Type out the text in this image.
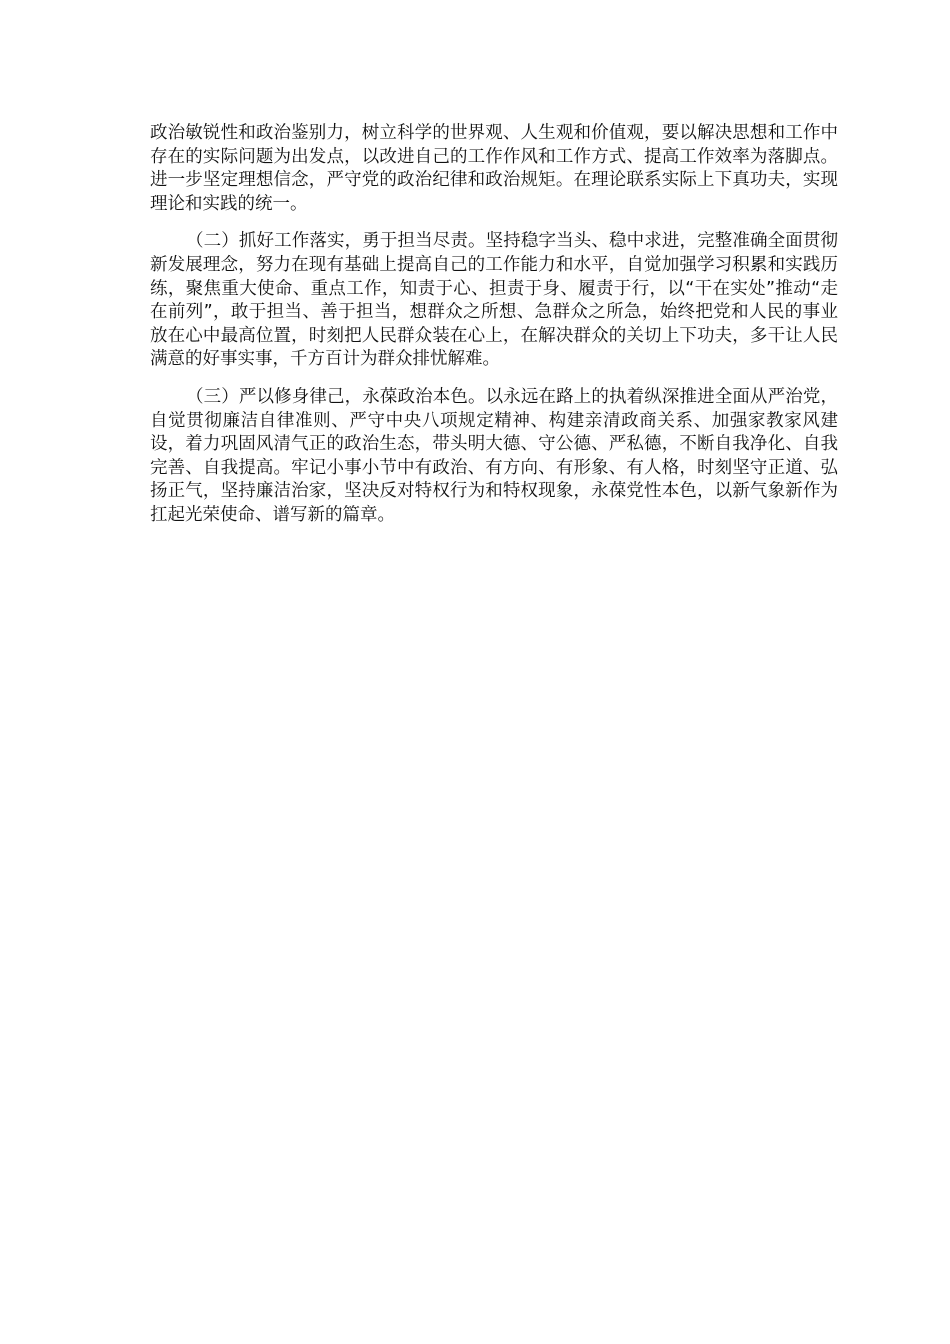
政治敏锐性和政治鉴别力，树立科学的世界观、人生观和价值观，要以解决思想和工作中存在的实际问题为出发点，以改进自己的工作作风和工作方式、提高工作效率为落脚点。进一步坚定理想信念，严守党的政治纪律和政治规矩。在理论联系实际上下真功夫，实现理论和实践的统一。

（二）抓好工作落实，勇于担当尽责。坚持稳字当头、稳中求进，完整准确全面贯彻新发展理念，努力在现有基础上提高自己的工作能力和水平，自觉加强学习积累和实践历练，聚焦重大使命、重点工作，知责于心、担责于身、履责于行，以“干在实处”推动“走在前列”，敢于担当、善于担当，想群众之所想、急群众之所急，始终把党和人民的事业放在心中最高位置，时刻把人民群众装在心上，在解决群众的关切上下功夫，多干让人民满意的好事实事，千方百计为群众排忧解难。

（三）严以修身律己，永葆政治本色。以永远在路上的执着纵深推进全面从严治党，自觉贯彻廉洁自律准则、严守中央八项规定精神、构建亲清政商关系、加强家教家风建设，着力巩固风清气正的政治生态，带头明大德、守公德、严私德，不断自我净化、自我完善、自我提高。牢记小事小节中有政治、有方向、有形象、有人格，时刻坚守正道、弘扬正气，坚持廉洁治家，坚决反对特权行为和特权现象，永葆党性本色，以新气象新作为扛起光荣使命、谱写新的篇章。
